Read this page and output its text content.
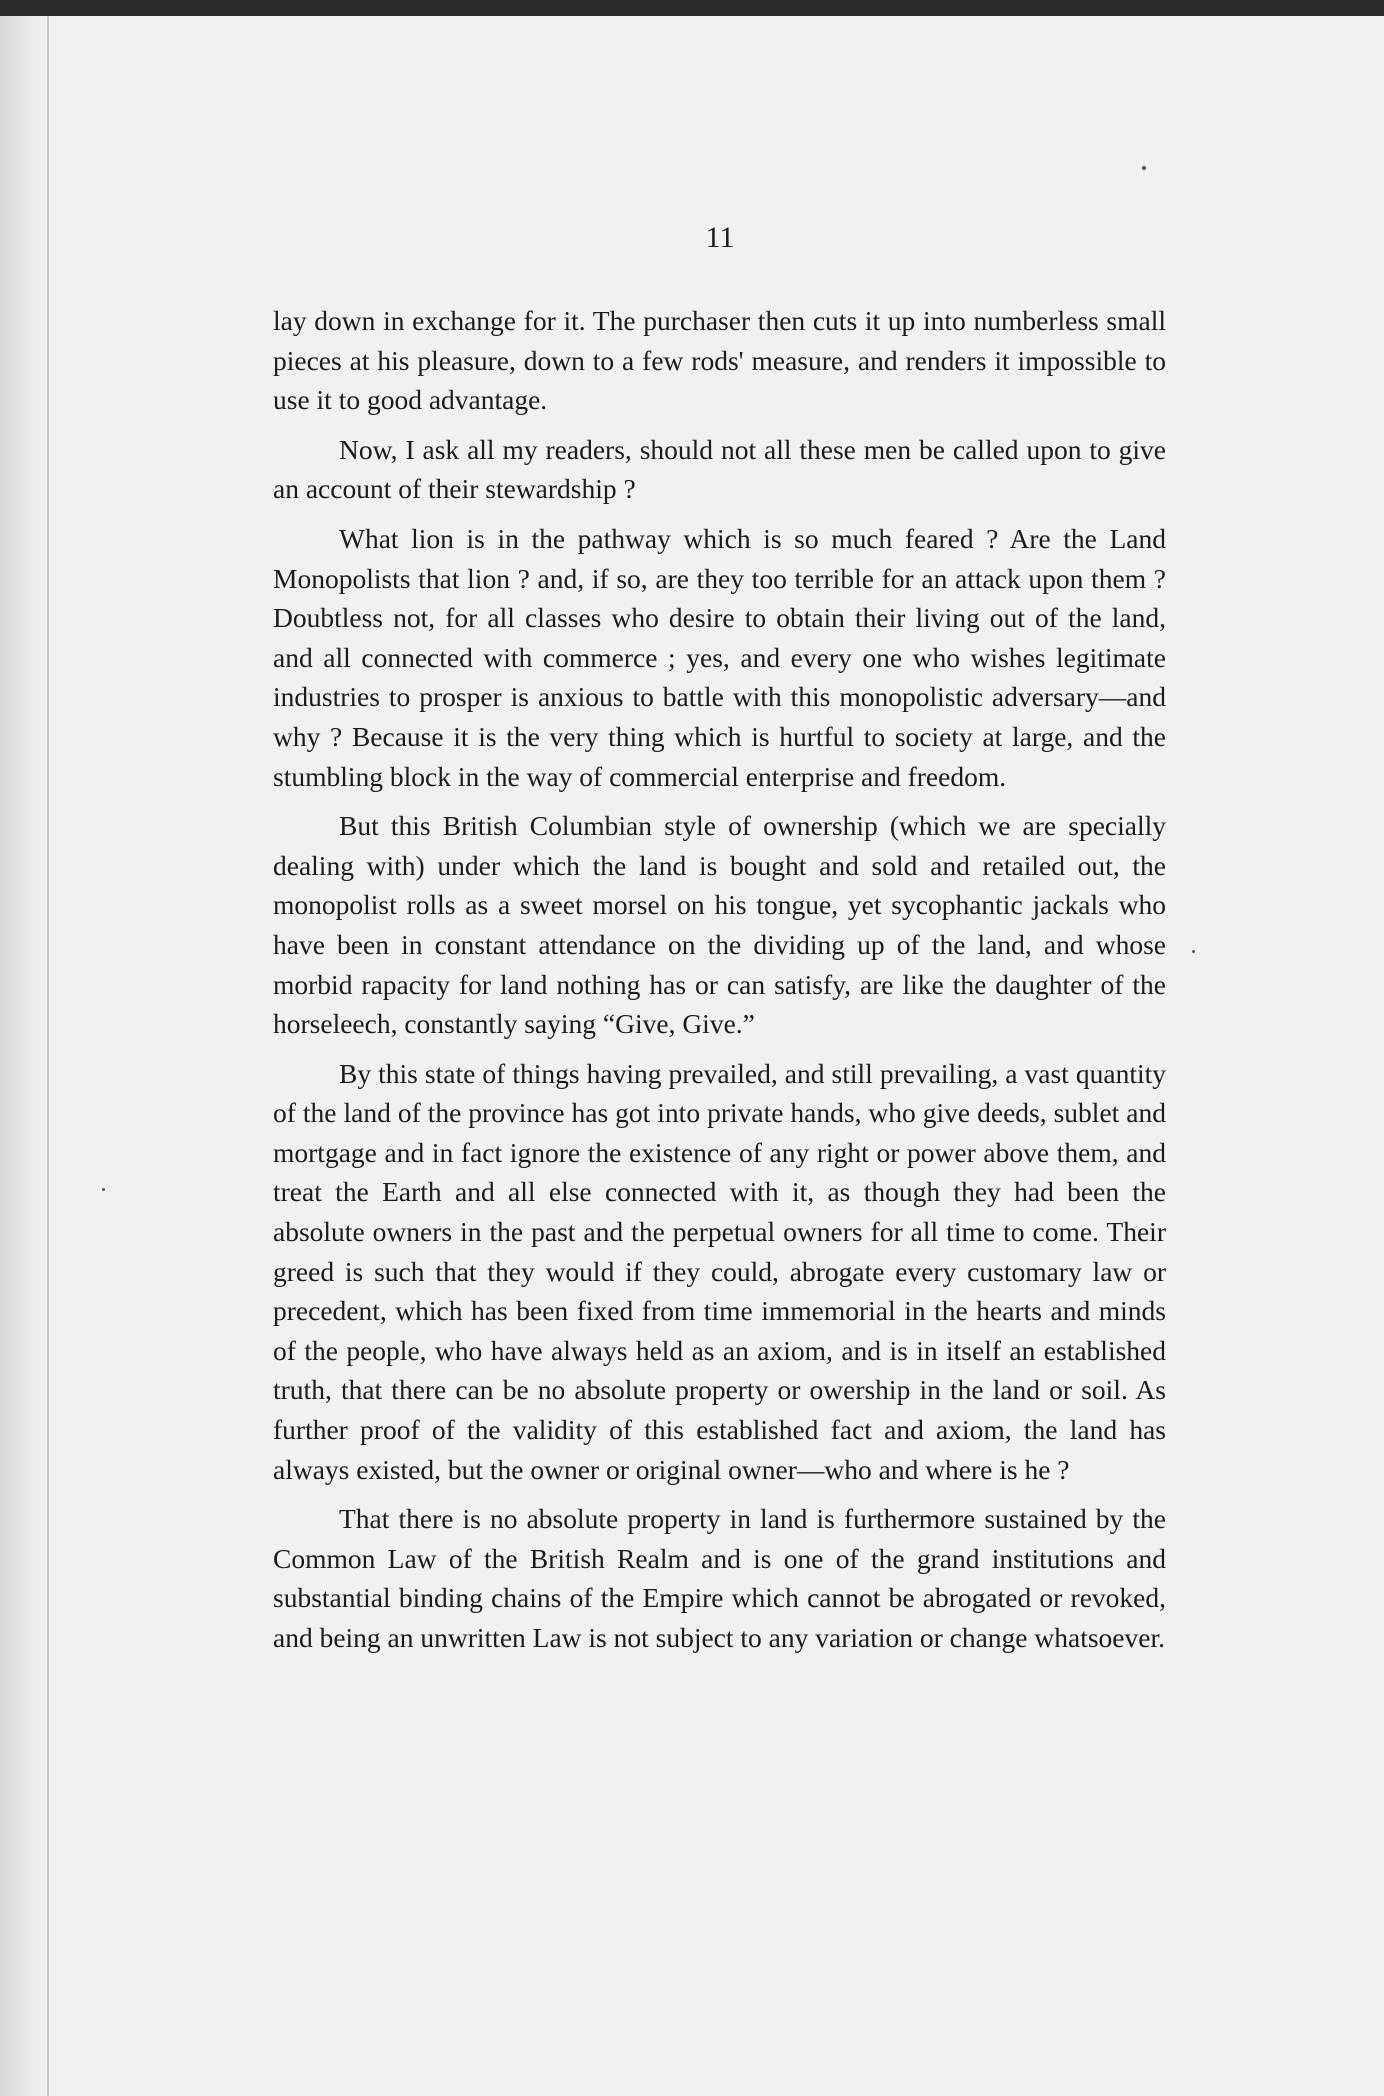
11

lay down in exchange for it. The purchaser then cuts it up into numberless small pieces at his pleasure, down to a few rods' measure, and renders it impossible to use it to good advantage.

Now, I ask all my readers, should not all these men be called upon to give an account of their stewardship ?

What lion is in the pathway which is so much feared ? Are the Land Monopolists that lion ? and, if so, are they too terrible for an attack upon them ? Doubtless not, for all classes who desire to obtain their living out of the land, and all connected with commerce ; yes, and every one who wishes legitimate industries to prosper is anxious to battle with this monopolistic adversary—and why ? Because it is the very thing which is hurtful to society at large, and the stumbling block in the way of commercial enterprise and freedom.

But this British Columbian style of ownership (which we are specially dealing with) under which the land is bought and sold and retailed out, the monopolist rolls as a sweet morsel on his tongue, yet sycophantic jackals who have been in constant attendance on the dividing up of the land, and whose morbid rapacity for land nothing has or can satisfy, are like the daughter of the horseleech, constantly saying “Give, Give.”

By this state of things having prevailed, and still prevailing, a vast quantity of the land of the province has got into private hands, who give deeds, sublet and mortgage and in fact ignore the existence of any right or power above them, and treat the Earth and all else connected with it, as though they had been the absolute owners in the past and the perpetual owners for all time to come. Their greed is such that they would if they could, abrogate every customary law or precedent, which has been fixed from time immemorial in the hearts and minds of the people, who have always held as an axiom, and is in itself an established truth, that there can be no absolute property or owership in the land or soil. As further proof of the validity of this established fact and axiom, the land has always existed, but the owner or original owner—who and where is he ?

That there is no absolute property in land is furthermore sustained by the Common Law of the British Realm and is one of the grand institutions and substantial binding chains of the Empire which cannot be abrogated or revoked, and being an unwritten Law is not subject to any variation or change whatsoever.
